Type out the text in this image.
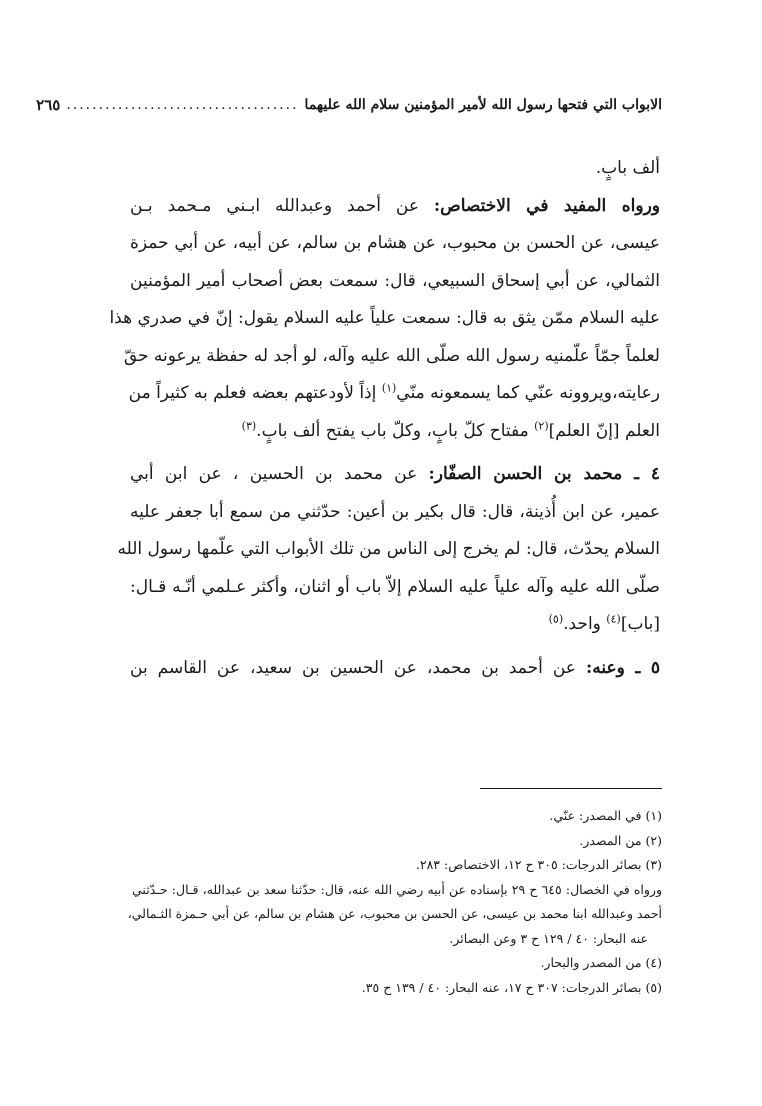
الابواب التي فتحها رسول الله لأمير المؤمنين سلام الله عليهما
....................................
٢٦٥
ألف بابٍ.
ورواه المفيد في الاختصاص: عن أحمد وعبدالله ابـني مـحمد بـن
عيسى، عن الحسن بن محبوب، عن هشام بن سالم، عن أبيه، عن أبي حمزة
الثمالي، عن أبي إسحاق السبيعي، قال: سمعت بعض أصحاب أمير المؤمنين
عليه السلام ممّن يثق به قال: سمعت علياً عليه السلام يقول: إنّ في صدري هذا
لعلماً جمّاً علّمنيه رسول الله صلّى الله عليه وآله، لو أجد له حفظة يرعونه حقّ
رعايته،ويروونه عنّي كما يسمعونه منّي$^{(١)}$ إذاً لأودعتهم بعضه فعلم به كثيراً من
العلم [إنّ العلم]$^{(٢)}$ مفتاح كلّ بابٍ، وكلّ باب يفتح ألف بابٍ.$^{(٣)}$
٤ ـ محمد بن الحسن الصفّار: عن محمد بن الحسين ، عن ابن أبي
عمير، عن ابن أُذينة، قال: قال بكير بن أعين: حدّثني من سمع أبا جعفر عليه
السلام يحدّث، قال: لم يخرج إلى الناس من تلك الأبواب التي علّمها رسول الله
صلّى الله عليه وآله علياً عليه السلام إلاّ باب أو اثنان، وأكثر عـلمي أنّـه قـال:
[باب]$^{(٤)}$ واحد.$^{(٥)}$
٥ ـ وعنه: عن أحمد بن محمد، عن الحسين بن سعيد، عن القاسم بن
(١) في المصدر: عنّي.
(٢) من المصدر.
(٣) بصائر الدرجات: ٣٠٥ ح ١٢، الاختصاص: ٢٨٣.
ورواه في الخصال: ٦٤٥ ح ٢٩ بإسناده عن أبيه رضي الله عنه، قال: حدّثنا سعد بن عبدالله، قـال: حـدّثني
أحمد وعبدالله ابنا محمد بن عيسى، عن الحسن بن محبوب، عن هشام بن سالم، عن أبي حـمزة الثـمالي،
عنه البحار: ٤٠ / ١٢٩ ح ٣ وعن البصائر.
(٤) من المصدر والبحار.
(٥) بصائر الدرجات: ٣٠٧ ح ١٧، عنه البحار: ٤٠ / ١٣٩ ح ٣٥.
